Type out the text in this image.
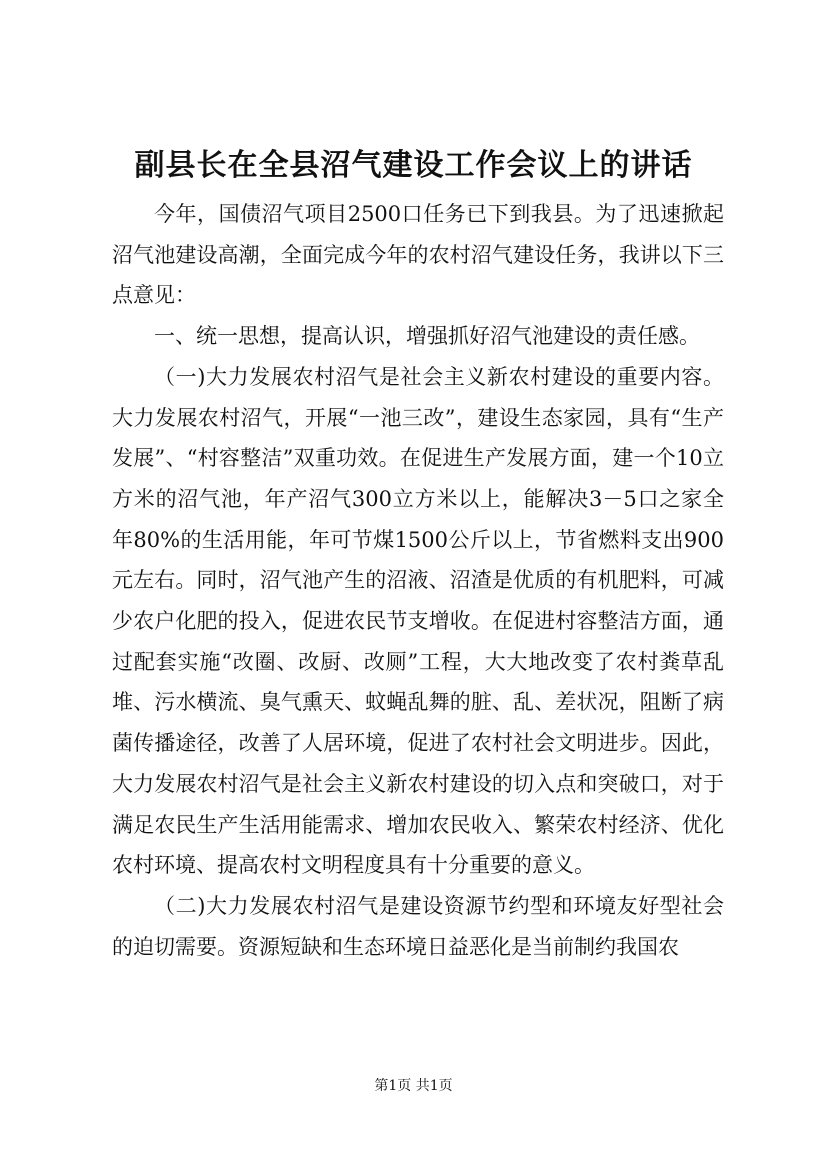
副县长在全县沼气建设工作会议上的讲话

今年，国债沼气项目2500口任务已下到我县。为了迅速掀起沼气池建设高潮，全面完成今年的农村沼气建设任务，我讲以下三点意见：

一、统一思想，提高认识，增强抓好沼气池建设的责任感。

（一)大力发展农村沼气是社会主义新农村建设的重要内容。大力发展农村沼气，开展“一池三改”，建设生态家园，具有“生产发展”、“村容整洁”双重功效。在促进生产发展方面，建一个10立方米的沼气池，年产沼气300立方米以上，能解决3－5口之家全年80%的生活用能，年可节煤1500公斤以上，节省燃料支出900元左右。同时，沼气池产生的沼液、沼渣是优质的有机肥料，可减少农户化肥的投入，促进农民节支增收。在促进村容整洁方面，通过配套实施“改圈、改厨、改厕”工程，大大地改变了农村粪草乱堆、污水横流、臭气熏天、蚊蝇乱舞的脏、乱、差状况，阻断了病菌传播途径，改善了人居环境，促进了农村社会文明进步。因此，大力发展农村沼气是社会主义新农村建设的切入点和突破口，对于满足农民生产生活用能需求、增加农民收入、繁荣农村经济、优化农村环境、提高农村文明程度具有十分重要的意义。

（二)大力发展农村沼气是建设资源节约型和环境友好型社会的迫切需要。资源短缺和生态环境日益恶化是当前制约我国农

第1页 共1页
